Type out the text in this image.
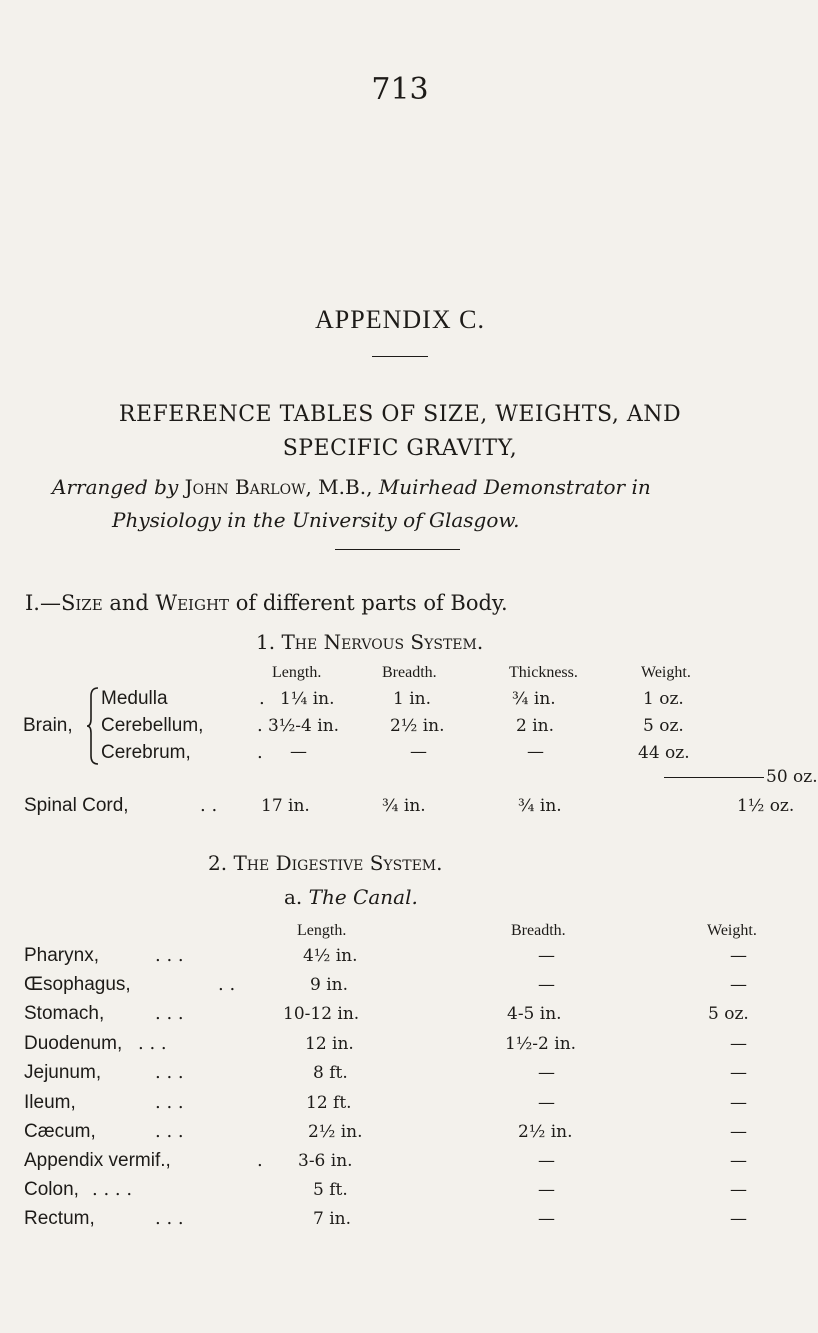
713
APPENDIX C.
REFERENCE TABLES OF SIZE, WEIGHTS, AND
SPECIFIC GRAVITY,
Arranged by John Barlow, M.B., Muirhead Demonstrator in
Physiology in the University of Glasgow.
I.—Size and Weight of different parts of Body.
1. The Nervous System.
Length.	Breadth.	Thickness.	Weight.
Brain,
Medulla	. 1¼ in.	1 in.	¾ in.	1 oz.
Cerebellum,	. 3½-4 in.	2½ in.	2 in.	5 oz.
Cerebrum,	. —	—	—	44 oz.
50 oz.
Spinal Cord,	. .	17 in.	¾ in.	¾ in.	1½ oz.
2. The Digestive System.
a. The Canal.
Length.	Breadth.	Weight.
Pharynx,	. . .	4½ in.	—	—
Œsophagus,	. .	9 in.	—	—
Stomach,	. . .	10-12 in.	4-5 in.	5 oz.
Duodenum, . . .	12 in.	1½-2 in.	—
Jejunum,	. . .	8 ft.	—	—
Ileum,	. . .	12 ft.	—	—
Cæcum,	. . .	2½ in.	2½ in.	—
Appendix vermif.,	. 3-6 in.	—	—
Colon, . . . .	5 ft.	—	—
Rectum,	. . .	7 in.	—	—
